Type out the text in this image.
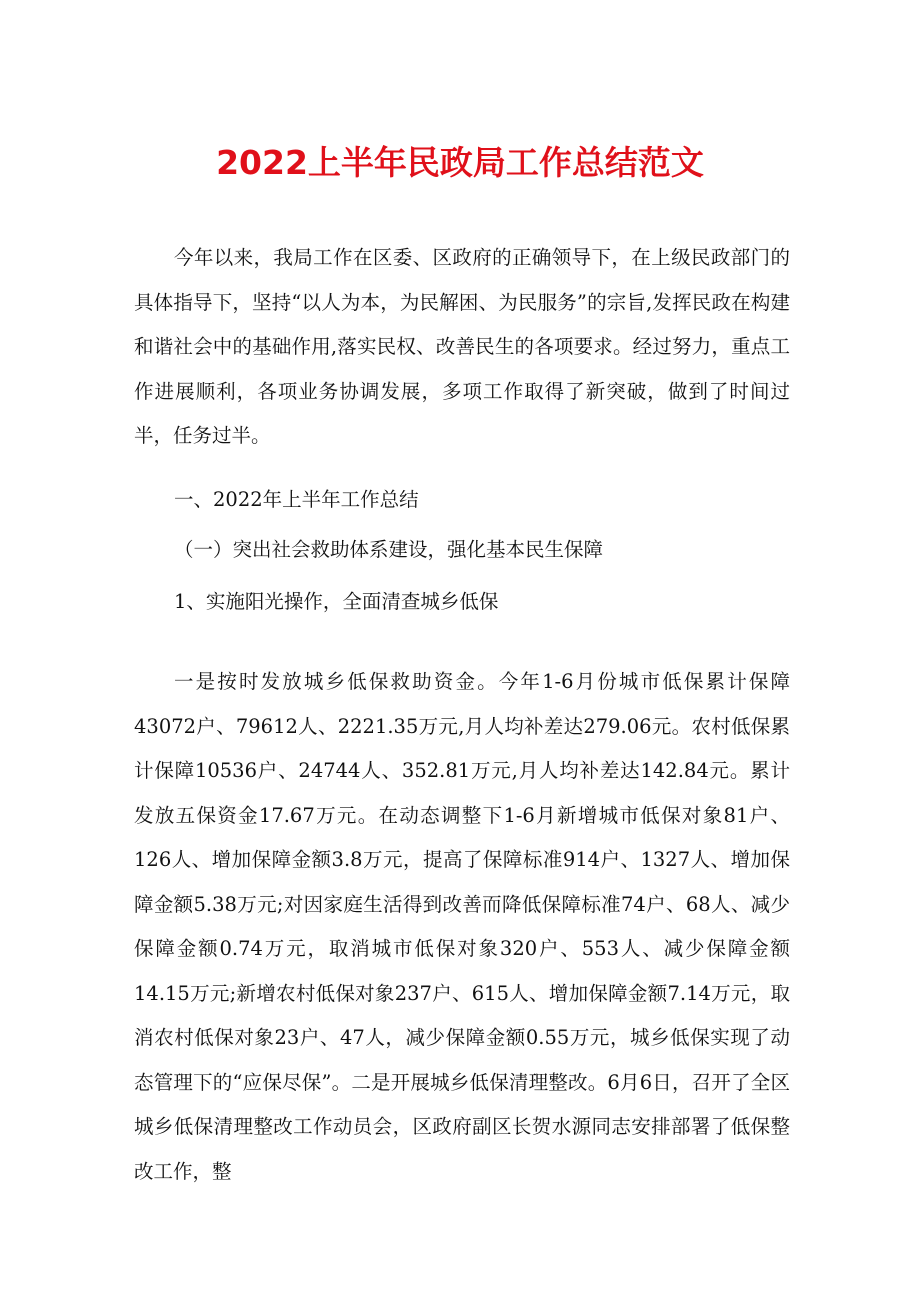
2022上半年民政局工作总结范文

今年以来，我局工作在区委、区政府的正确领导下，在上级民政部门的具体指导下，坚持“以人为本，为民解困、为民服务”的宗旨,发挥民政在构建和谐社会中的基础作用,落实民权、改善民生的各项要求。经过努力，重点工作进展顺利，各项业务协调发展，多项工作取得了新突破，做到了时间过半，任务过半。

一、2022年上半年工作总结

（一）突出社会救助体系建设，强化基本民生保障

1、实施阳光操作，全面清查城乡低保

一是按时发放城乡低保救助资金。今年1-6月份城市低保累计保障43072户、79612人、2221.35万元,月人均补差达279.06元。农村低保累计保障10536户、24744人、352.81万元,月人均补差达142.84元。累计发放五保资金17.67万元。在动态调整下1-6月新增城市低保对象81户、126人、增加保障金额3.8万元，提高了保障标准914户、1327人、增加保障金额5.38万元;对因家庭生活得到改善而降低保障标准74户、68人、减少保障金额0.74万元，取消城市低保对象320户、553人、减少保障金额14.15万元;新增农村低保对象237户、615人、增加保障金额7.14万元，取消农村低保对象23户、47人，减少保障金额0.55万元，城乡低保实现了动态管理下的“应保尽保”。二是开展城乡低保清理整改。6月6日，召开了全区城乡低保清理整改工作动员会，区政府副区长贺水源同志安排部署了低保整改工作，整
